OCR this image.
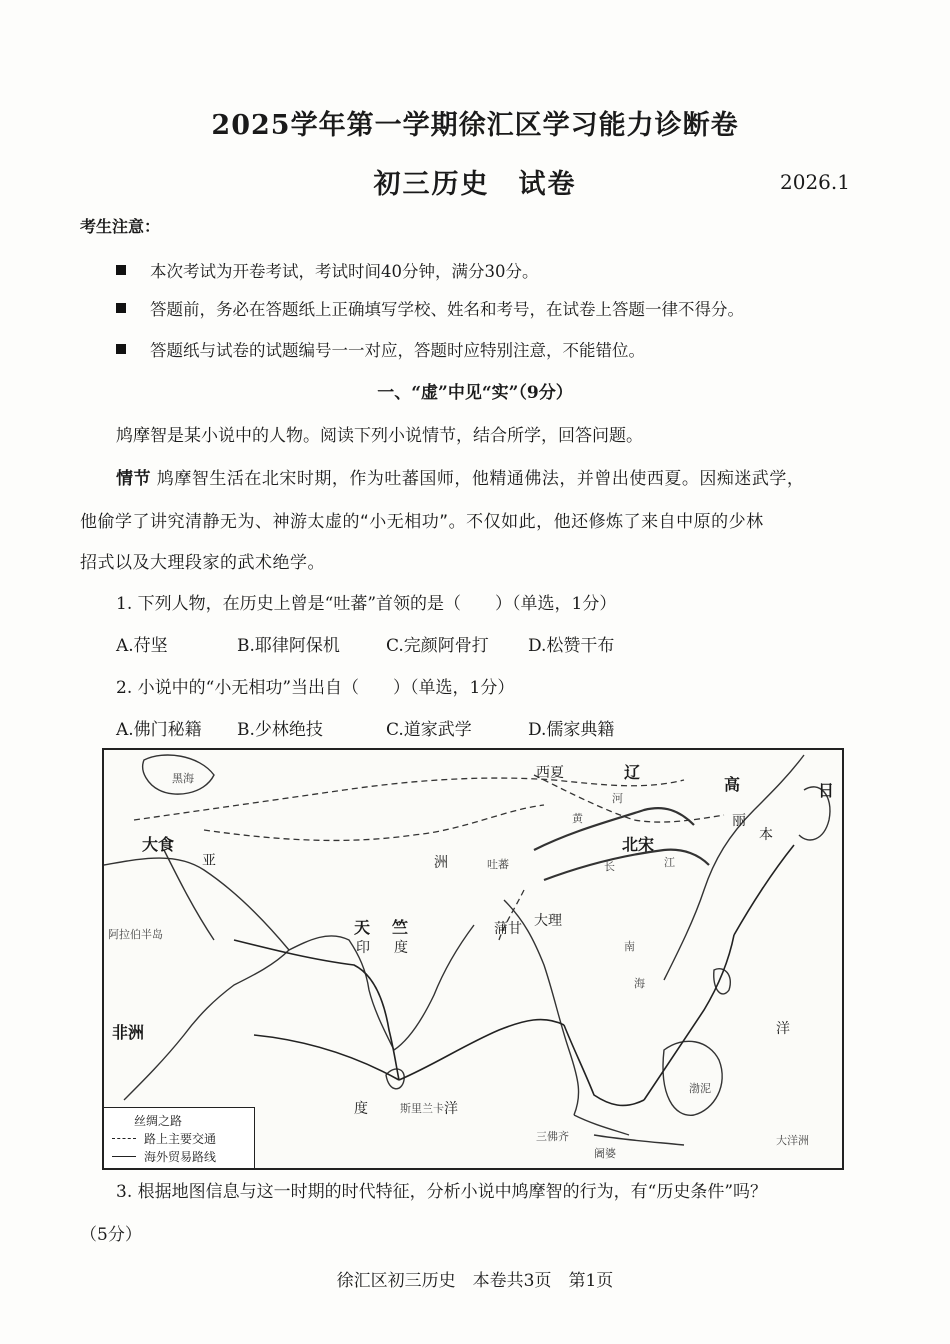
2025学年第一学期徐汇区学习能力诊断卷
初三历史　试卷	2026.1
考生注意：
本次考试为开卷考试，考试时间40分钟，满分30分。
答题前，务必在答题纸上正确填写学校、姓名和考号，在试卷上答题一律不得分。
答题纸与试卷的试题编号一一对应，答题时应特别注意，不能错位。
一、“虚”中见“实”（9分）
鸠摩智是某小说中的人物。阅读下列小说情节，结合所学，回答问题。
情节 鸠摩智生活在北宋时期，作为吐蕃国师，他精通佛法，并曾出使西夏。因痴迷武学，
他偷学了讲究清静无为、神游太虚的“小无相功”。不仅如此，他还修炼了来自中原的少林
招式以及大理段家的武术绝学。
1. 下列人物，在历史上曾是“吐蕃”首领的是（　　）（单选，1分）
A.苻坚	B.耶律阿保机	C.完颜阿骨打 D.松赞干布
2. 小说中的“小无相功”当出自（　　）（单选，1分）
A.佛门秘籍 B.少林绝技	C.道家武学	D.儒家典籍
黑海
大食
亚	洲	吐蕃
西夏	辽
高
丽
日
本
河
黄
北宋
长	江
阿拉伯半岛	天 竺
印 度
大理
蒲甘
南
海
非洲
斯里兰卡
度	洋
洋
三佛齐
阇婆
渤泥
大洋洲
丝绸之路
路上主要交通
海外贸易路线
3. 根据地图信息与这一时期的时代特征，分析小说中鸠摩智的行为，有“历史条件”吗？
（5分）
徐汇区初三历史　本卷共3页　第1页
